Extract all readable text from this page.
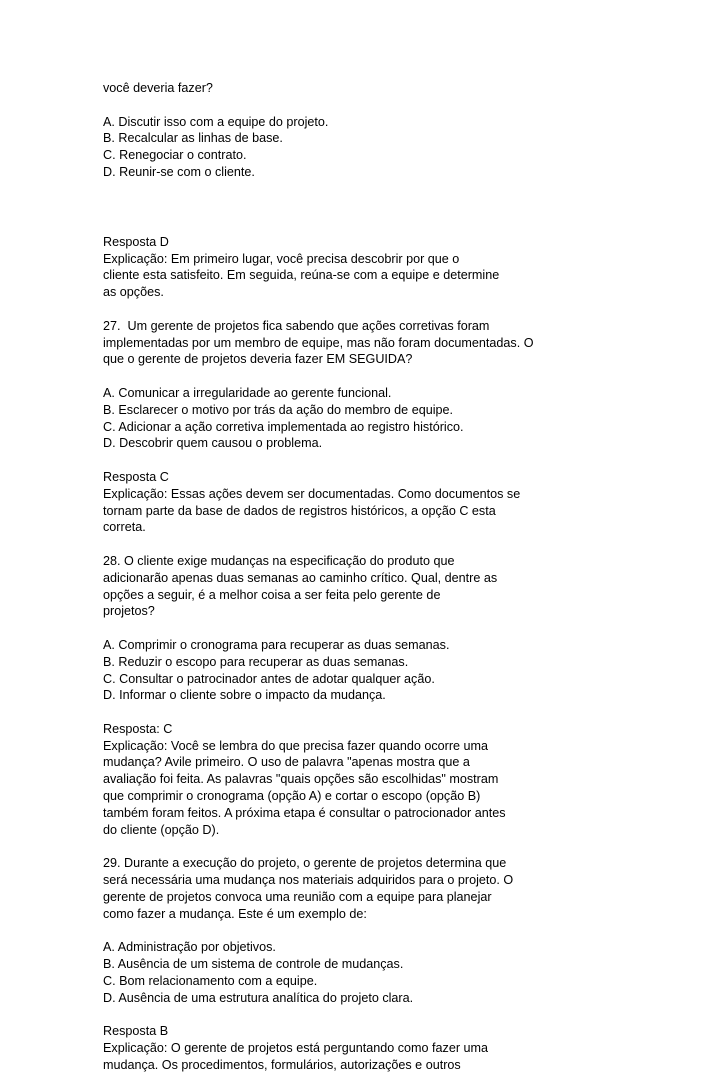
você deveria fazer?
A. Discutir isso com a equipe do projeto.
B. Recalcular as linhas de base.
C. Renegociar o contrato.
D. Reunir-se com o cliente.
Resposta D
Explicação: Em primeiro lugar, você precisa descobrir por que o
cliente esta satisfeito. Em seguida, reúna-se com a equipe e determine
as opções.
27.  Um gerente de projetos fica sabendo que ações corretivas foram
implementadas por um membro de equipe, mas não foram documentadas. O
que o gerente de projetos deveria fazer EM SEGUIDA?
A. Comunicar a irregularidade ao gerente funcional.
B. Esclarecer o motivo por trás da ação do membro de equipe.
C. Adicionar a ação corretiva implementada ao registro histórico.
D. Descobrir quem causou o problema.
Resposta C
Explicação: Essas ações devem ser documentadas. Como documentos se
tornam parte da base de dados de registros históricos, a opção C esta
correta.
28. O cliente exige mudanças na especificação do produto que
adicionarão apenas duas semanas ao caminho crítico. Qual, dentre as
opções a seguir, é a melhor coisa a ser feita pelo gerente de
projetos?
A. Comprimir o cronograma para recuperar as duas semanas.
B. Reduzir o escopo para recuperar as duas semanas.
C. Consultar o patrocinador antes de adotar qualquer ação.
D. Informar o cliente sobre o impacto da mudança.
Resposta: C
Explicação: Você se lembra do que precisa fazer quando ocorre uma
mudança? Avile primeiro. O uso de palavra "apenas mostra que a
avaliação foi feita. As palavras "quais opções são escolhidas" mostram
que comprimir o cronograma (opção A) e cortar o escopo (opção B)
também foram feitos. A próxima etapa é consultar o patrocionador antes
do cliente (opção D).
29. Durante a execução do projeto, o gerente de projetos determina que
será necessária uma mudança nos materiais adquiridos para o projeto. O
gerente de projetos convoca uma reunião com a equipe para planejar
como fazer a mudança. Este é um exemplo de:
A. Administração por objetivos.
B. Ausência de um sistema de controle de mudanças.
C. Bom relacionamento com a equipe.
D. Ausência de uma estrutura analítica do projeto clara.
Resposta B
Explicação: O gerente de projetos está perguntando como fazer uma
mudança. Os procedimentos, formulários, autorizações e outros
